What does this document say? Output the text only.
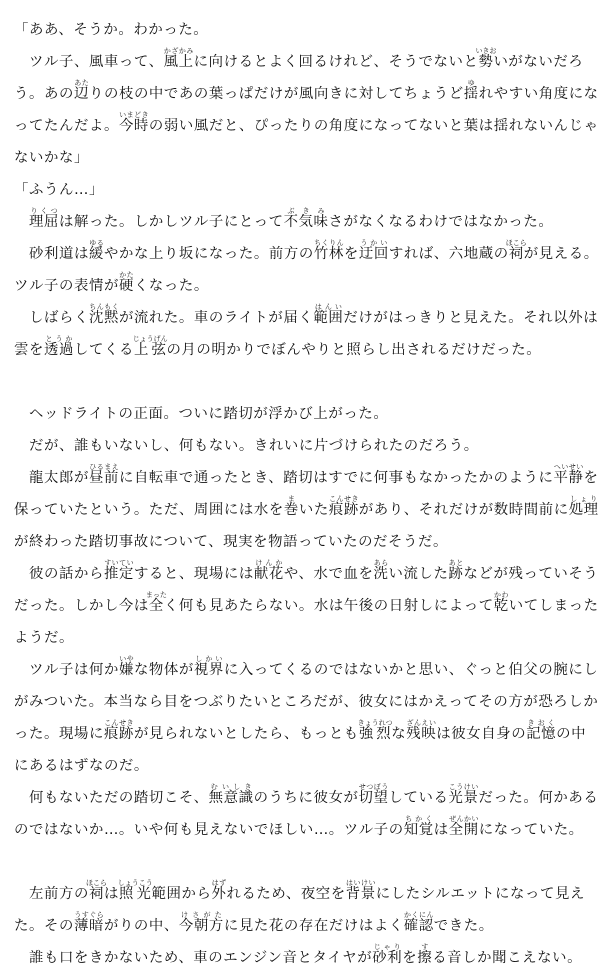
「ああ、そうか。わかった。

　ツル子、風車って、風上かざかみに向けるとよく回るけれど、そうでないと勢いきおいがないだろう。あの辺あたりの枝の中であの葉っぱだけが風向きに対してちょうど揺ゆれやすい角度になってたんだよ。今時いまどきの弱い風だと、ぴったりの角度になってないと葉は揺れないんじゃないかな」

「ふうん…」

　理屈りくつは解った。しかしツル子にとって不気味ぶきみさがなくなるわけではなかった。

　砂利道は緩ゆるやかな上り坂になった。前方の竹林ちくりんを迂回うかいすれば、六地蔵の祠ほこらが見える。ツル子の表情が硬かたくなった。

　しばらく沈黙ちんもくが流れた。車のライトが届く範囲はんいだけがはっきりと見えた。それ以外は雲を透過とうかしてくる上弦じょうげんの月の明かりでぼんやりと照らし出されるだけだった。

　ヘッドライトの正面。ついに踏切が浮かび上がった。

　だが、誰もいないし、何もない。きれいに片づけられたのだろう。

　龍太郎が昼前ひるまえに自転車で通ったとき、踏切はすでに何事もなかったかのように平静へいせいを保っていたという。ただ、周囲には水を巻まいた痕跡こんせきがあり、それだけが数時間前に処理しょりが終わった踏切事故について、現実を物語っていたのだそうだ。

　彼の話から推定すいていすると、現場には献花けんかや、水で血を洗あらい流した跡あとなどが残っていそうだった。しかし今は全まったく何も見あたらない。水は午後の日射しによって乾かわいてしまったようだ。

　ツル子は何か嫌いやな物体が視界しかいに入ってくるのではないかと思い、ぐっと伯父の腕にしがみついた。本当なら目をつぶりたいところだが、彼女にはかえってその方が恐ろしかった。現場に痕跡こんせきが見られないとしたら、もっとも強烈きょうれつな残映ざんえいは彼女自身の記憶きおくの中にあるはずなのだ。

　何もないただの踏切こそ、無意識むいしきのうちに彼女が切望せつぼうしている光景こうけいだった。何かあるのではないか…。いや何も見えないでほしい…。ツル子の知覚ちかくは全開ぜんかいになっていた。

　左前方の祠ほこらは照光しょうこう範囲から外はずれるため、夜空を背景はいけいにしたシルエットになって見えた。その薄暗うすぐらがりの中、今朝方けさがたに見た花の存在だけはよく確認かくにんできた。

　誰も口をきかないため、車のエンジン音とタイヤが砂利じゃりを擦する音しか聞こえない。
